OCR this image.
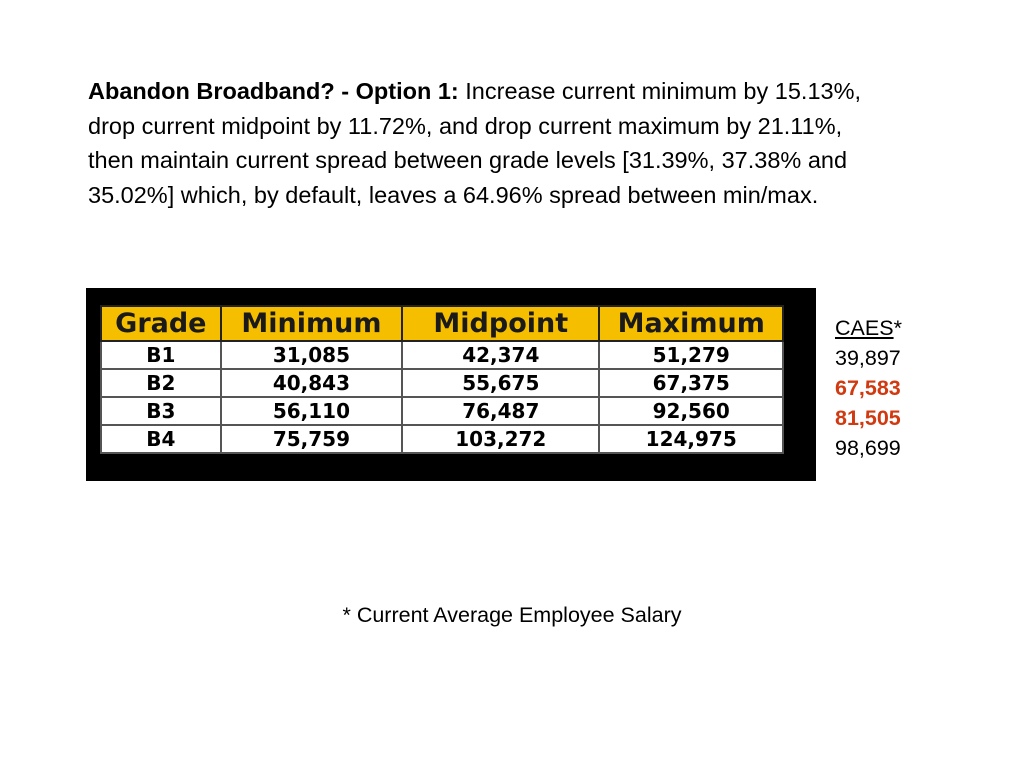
Abandon Broadband? - Option 1: Increase current minimum by 15.13%, drop current midpoint by 11.72%, and drop current maximum by 21.11%, then maintain current spread between grade levels [31.39%, 37.38% and 35.02%] which, by default, leaves a 64.96% spread between min/max.

Grade	Minimum	Midpoint	Maximum
B1	31,085	42,374	51,279
B2	40,843	55,675	67,375
B3	56,110	76,487	92,560
B4	75,759	103,272	124,975
CAES*
39,897
67,583
81,505
98,699

* Current Average Employee Salary
